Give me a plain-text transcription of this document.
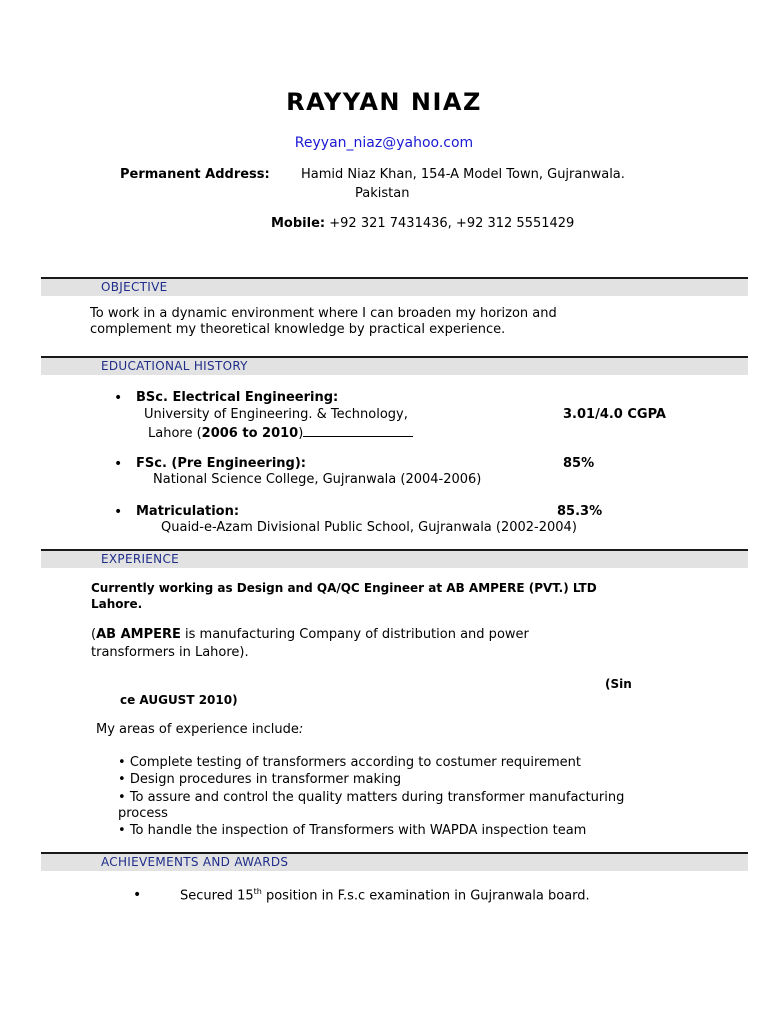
RAYYAN NIAZ
Reyyan_niaz@yahoo.com
Permanent Address: Hamid Niaz Khan, 154-A Model Town, Gujranwala.
Pakistan
Mobile: +92 321 7431436, +92 312 5551429
OBJECTIVE
To work in a dynamic environment where I can broaden my horizon and
complement my theoretical knowledge by practical experience.
EDUCATIONAL HISTORY
• BSc. Electrical Engineering:
University of Engineering. & Technology,	3.01/4.0 CGPA
Lahore (2006 to 2010)
• FSc. (Pre Engineering):	85%
National Science College, Gujranwala (2004-2006)
• Matriculation:	85.3%
Quaid-e-Azam Divisional Public School, Gujranwala (2002-2004)
EXPERIENCE
Currently working as Design and QA/QC Engineer at AB AMPERE (PVT.) LTD
Lahore.
(AB AMPERE is manufacturing Company of distribution and power
transformers in Lahore).
(Sin
ce AUGUST 2010)
My areas of experience include:
• Complete testing of transformers according to costumer requirement
• Design procedures in transformer making
• To assure and control the quality matters during transformer manufacturing
process
• To handle the inspection of Transformers with WAPDA inspection team
ACHIEVEMENTS AND AWARDS
•	Secured 15th position in F.s.c examination in Gujranwala board.
